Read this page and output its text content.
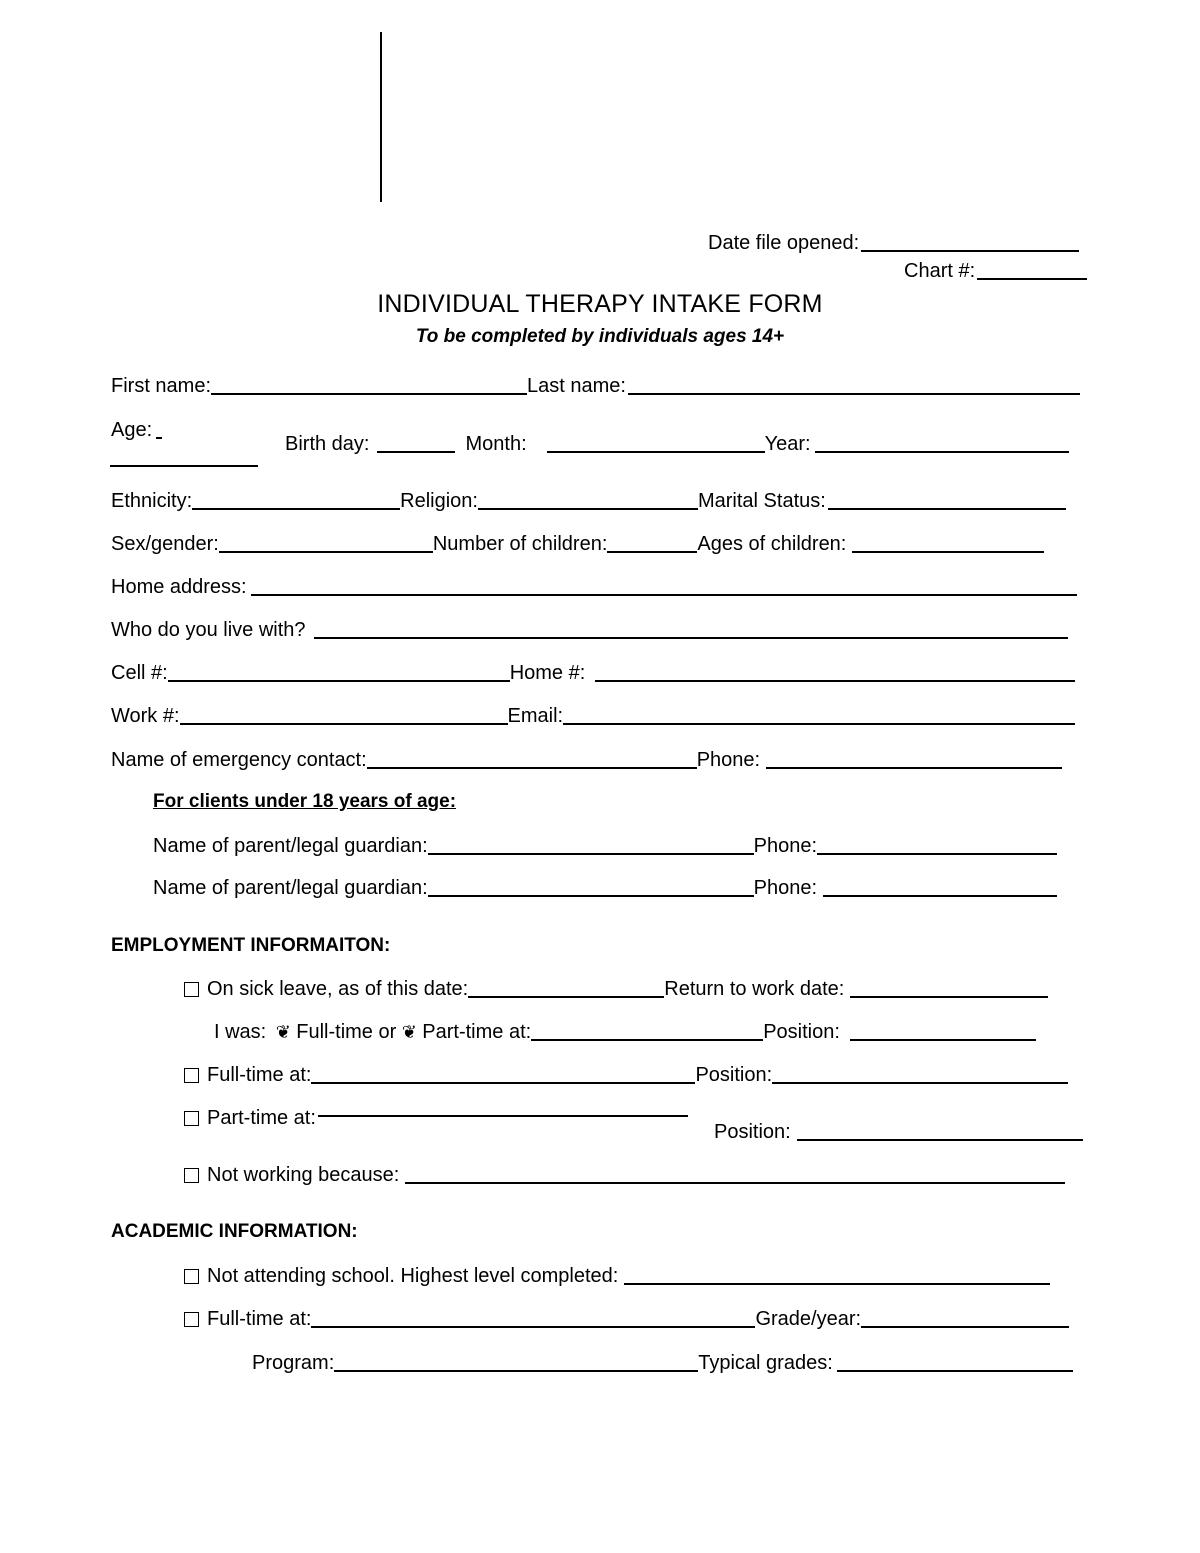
Date file opened:
Chart #:
INDIVIDUAL THERAPY INTAKE FORM
To be completed by individuals ages 14+
First name:	Last name:
Age:
Birth day:	Month:	Year:
Ethnicity:	Religion:	Marital Status:
Sex/gender:	Number of children:	Ages of children:
Home address:
Who do you live with?
Cell #:	Home #:
Work #:	Email:
Name of emergency contact:	Phone:
For clients under 18 years of age:
Name of parent/legal guardian:	Phone:
Name of parent/legal guardian:	Phone:
EMPLOYMENT INFORMAITON:
On sick leave, as of this date:	Return to work date:
I was: ❦ Full-time or ❦ Part-time at:	Position:
Full-time at:	Position:
Part-time at:
Position:
Not working because:
ACADEMIC INFORMATION:
Not attending school. Highest level completed:
Full-time at:	Grade/year:
Program:	Typical grades:
